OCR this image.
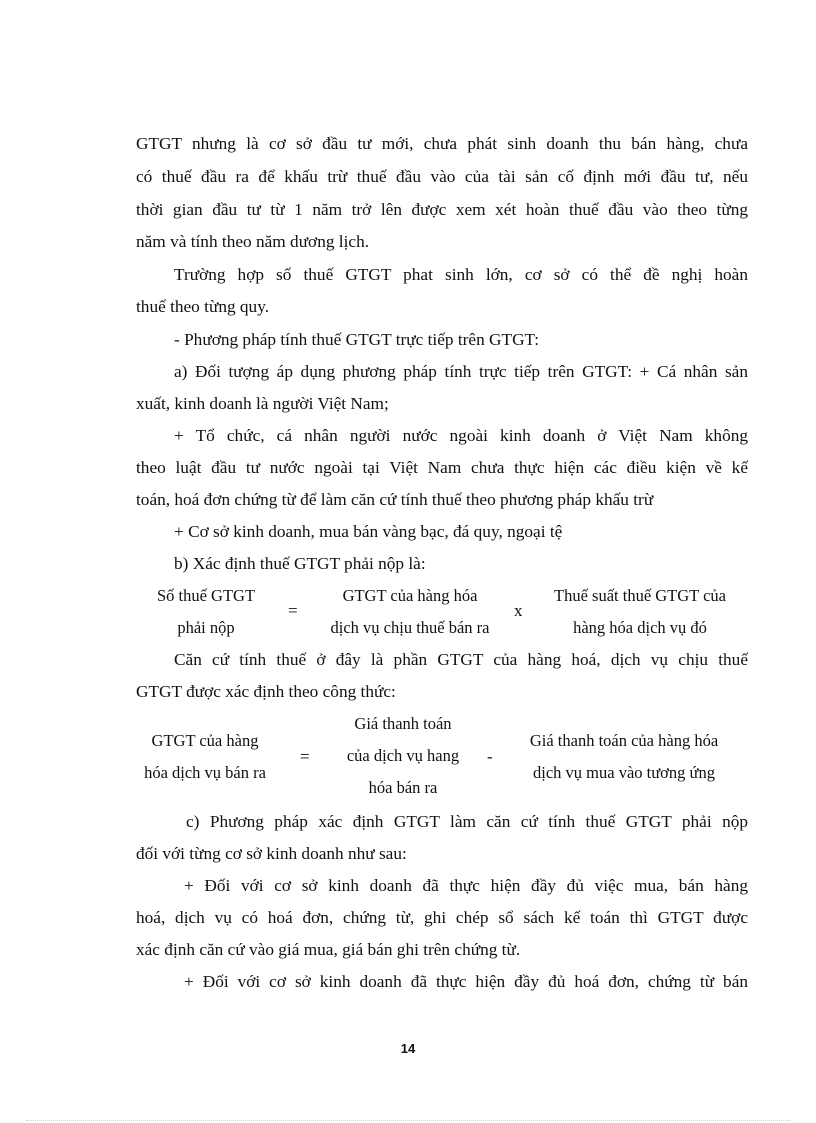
GTGT nhưng là cơ sở đầu tư mới, chưa phát sinh doanh thu bán hàng, chưa
có thuế đầu ra để khấu trừ thuế đầu vào của tài sản cố định mới đầu tư, nếu
thời gian đầu tư từ 1 năm trở lên được xem xét hoàn thuế đầu vào theo từng
năm và tính theo năm dương lịch.
Trường hợp số thuế GTGT phat sinh lớn, cơ sở có thể đề nghị hoàn
thuế theo từng quy.
- Phương pháp tính thuế GTGT trực tiếp trên GTGT:
a) Đối tượng áp dụng phương pháp tính trực tiếp trên GTGT: + Cá nhân sản
xuất, kinh doanh là người Việt Nam;
+ Tổ chức, cá nhân người nước ngoài kinh doanh ở Việt Nam không
theo luật đầu tư nước ngoài tại Việt Nam chưa thực hiện các điều kiện về kế
toán, hoá đơn chứng từ để làm căn cứ tính thuế theo phương pháp khấu trừ
+ Cơ sở kinh doanh, mua bán vàng bạc, đá quy, ngoại tệ
b) Xác định thuế GTGT phải nộp là:
Số thuế GTGT
phải nộp
=
GTGT của hàng hóa
dịch vụ chịu thuế bán ra
x
Thuế suất thuế GTGT của
hàng hóa dịch vụ đó
Căn cứ tính thuế ở đây là phần GTGT của hàng hoá, dịch vụ chịu thuế
GTGT được xác định theo công thức:
GTGT của hàng
hóa dịch vụ bán ra
=
Giá thanh toán
của dịch vụ hang
hóa bán ra
-
Giá thanh toán của hàng hóa
dịch vụ mua vào tương ứng
c) Phương pháp xác định GTGT làm căn cứ tính thuế GTGT phải nộp
đối với từng cơ sở kinh doanh như sau:
+ Đối với cơ sở kinh doanh đã thực hiện đầy đủ việc mua, bán hàng
hoá, dịch vụ có hoá đơn, chứng từ, ghi chép sổ sách kế toán thì GTGT được
xác định căn cứ vào giá mua, giá bán ghi trên chứng từ.
+ Đối với cơ sở kinh doanh đã thực hiện đầy đủ hoá đơn, chứng từ bán
14
